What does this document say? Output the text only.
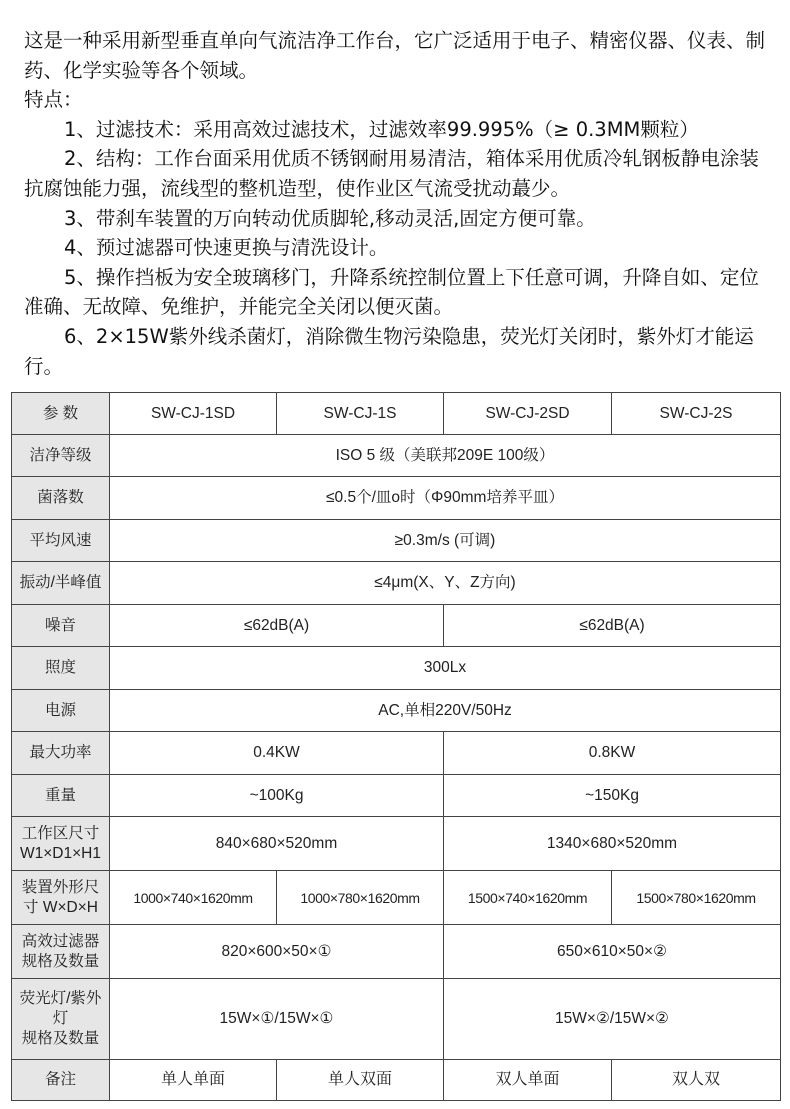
这是一种采用新型垂直单向气流洁净工作台，它广泛适用于电子、精密仪器、仪表、制药、化学实验等各个领域。

特点：

1、过滤技术：采用高效过滤技术，过滤效率99.995%（≥ 0.3MM颗粒）

2、结构：工作台面采用优质不锈钢耐用易清洁，箱体采用优质冷轧钢板静电涂装抗腐蚀能力强，流线型的整机造型，使作业区气流受扰动蕞少。

3、带刹车装置的万向转动优质脚轮,移动灵活,固定方便可靠。

4、预过滤器可快速更换与清洗设计。

5、操作挡板为安全玻璃移门，升降系统控制位置上下任意可调，升降自如、定位准确、无故障、免维护，并能完全关闭以便灭菌。

6、2×15W紫外线杀菌灯，消除微生物污染隐患，荧光灯关闭时，紫外灯才能运行。

参 数	SW-CJ-1SD	SW-CJ-1S	SW-CJ-2SD	SW-CJ-2S
洁净等级	ISO 5 级（美联邦209E 100级）			
菌落数	≤0.5个/皿o时（Φ90mm培养平皿）			
平均风速	≥0.3m/s (可调)			
振动/半峰值	≤4μm(X、Y、Z方向)			
噪音	≤62dB(A)		≤62dB(A)	
照度	300Lx			
电源	AC,单相220V/50Hz			
最大功率	0.4KW		0.8KW	
重量	~100Kg		~150Kg	

工作区尺寸
W1×D1×H1	840×680×520mm		1340×680×520mm	

装置外形尺
寸 W×D×H	1000×740×1620mm	1000×780×1620mm	1500×740×1620mm	1500×780×1620mm

高效过滤器
规格及数量	820×600×50×①		650×610×50×②	

荧光灯/紫外
灯
规格及数量	15W×①/15W×①		15W×②/15W×②	
备注	单人单面	单人双面	双人单面	双人双
